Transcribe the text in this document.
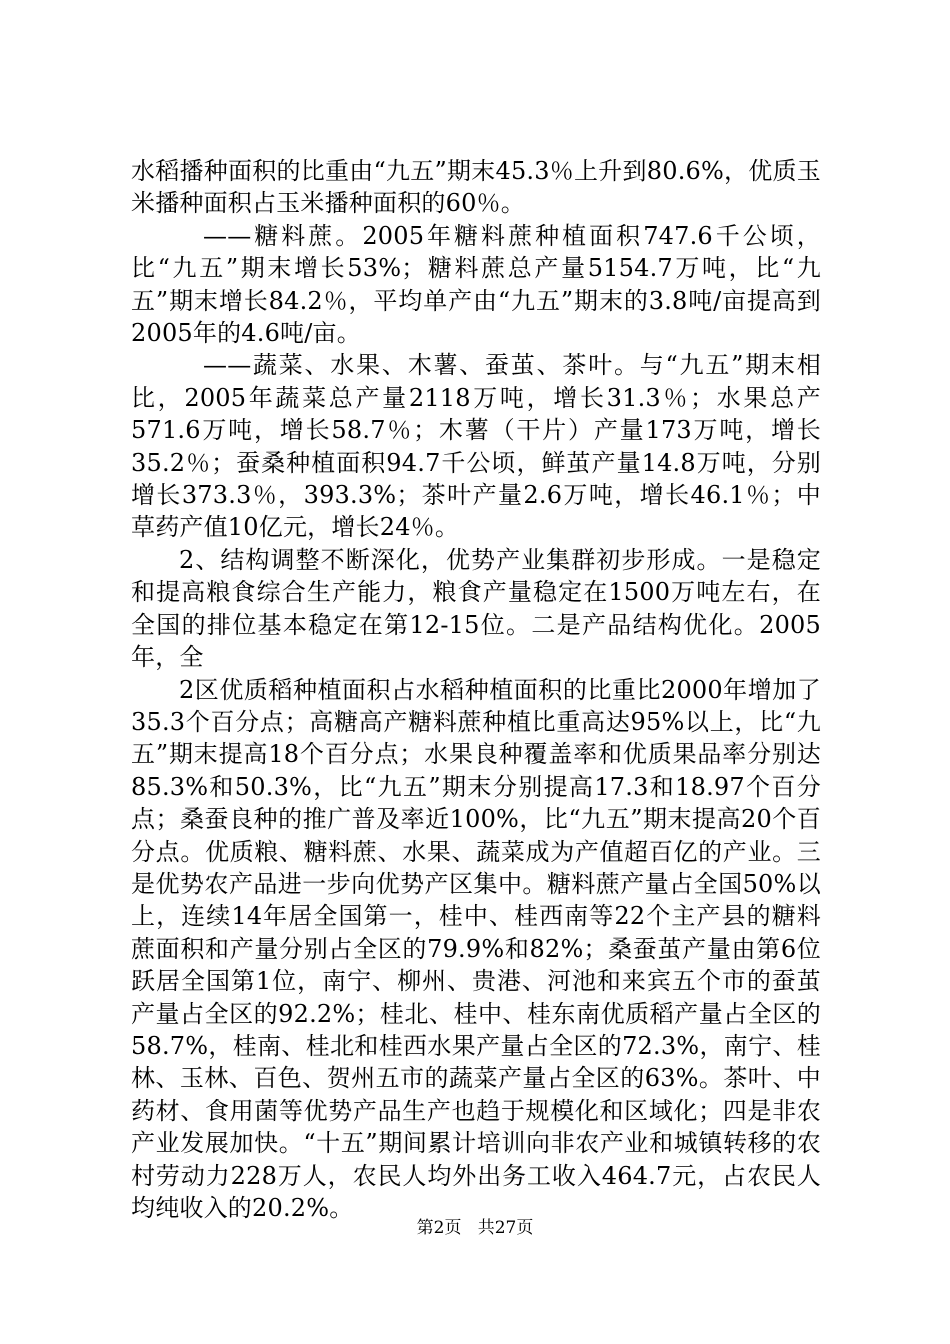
水稻播种面积的比重由“九五”期末45.3％上升到80.6%，优质玉米播种面积占玉米播种面积的60％。

——糖料蔗。2005年糖料蔗种植面积747.6千公顷，比“九五”期末增长53%；糖料蔗总产量5154.7万吨，比“九五”期末增长84.2％，平均单产由“九五”期末的3.8吨/亩提高到2005年的4.6吨/亩。

——蔬菜、水果、木薯、蚕茧、茶叶。与“九五”期末相比，2005年蔬菜总产量2118万吨，增长31.3％；水果总产571.6万吨，增长58.7％；木薯（干片）产量173万吨，增长35.2％；蚕桑种植面积94.7千公顷，鲜茧产量14.8万吨，分别增长373.3％，393.3%；茶叶产量2.6万吨，增长46.1％；中草药产值10亿元，增长24％。

2、结构调整不断深化，优势产业集群初步形成。一是稳定和提高粮食综合生产能力，粮食产量稳定在1500万吨左右，在全国的排位基本稳定在第12-15位。二是产品结构优化。2005年，全

2区优质稻种植面积占水稻种植面积的比重比2000年增加了35.3个百分点；高糖高产糖料蔗种植比重高达95%以上，比“九五”期末提高18个百分点；水果良种覆盖率和优质果品率分别达85.3%和50.3%，比“九五”期末分别提高17.3和18.97个百分点；桑蚕良种的推广普及率近100%，比“九五”期末提高20个百分点。优质粮、糖料蔗、水果、蔬菜成为产值超百亿的产业。三是优势农产品进一步向优势产区集中。糖料蔗产量占全国50%以上，连续14年居全国第一，桂中、桂西南等22个主产县的糖料蔗面积和产量分别占全区的79.9%和82%；桑蚕茧产量由第6位跃居全国第1位，南宁、柳州、贵港、河池和来宾五个市的蚕茧产量占全区的92.2%；桂北、桂中、桂东南优质稻产量占全区的58.7%，桂南、桂北和桂西水果产量占全区的72.3%，南宁、桂林、玉林、百色、贺州五市的蔬菜产量占全区的63%。茶叶、中药材、食用菌等优势产品生产也趋于规模化和区域化；四是非农产业发展加快。“十五”期间累计培训向非农产业和城镇转移的农村劳动力228万人，农民人均外出务工收入464.7元，占农民人均纯收入的20.2%。

第2页 共27页
